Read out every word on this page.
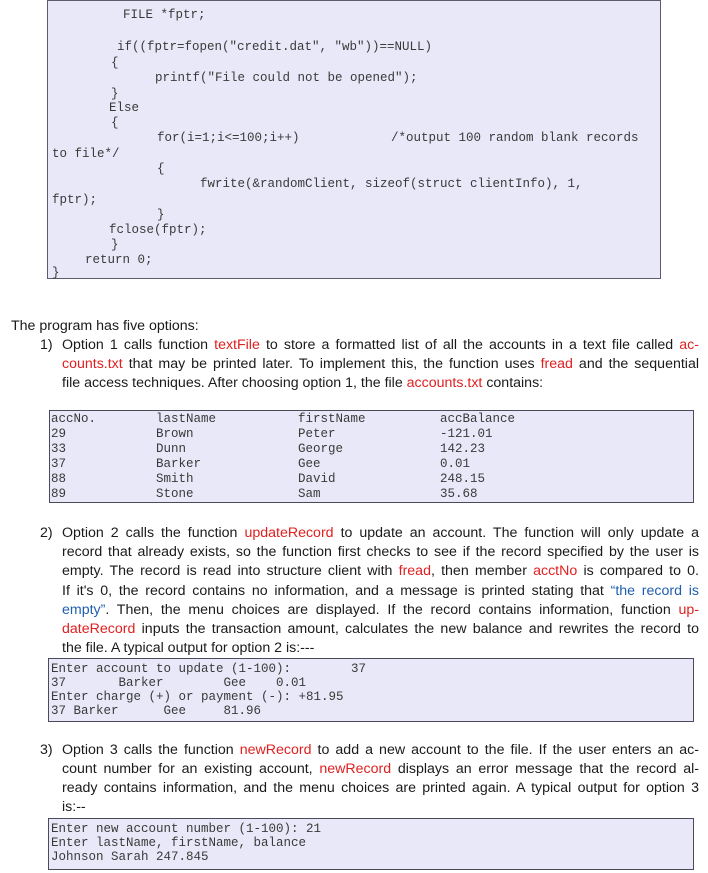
FILE *fptr;
if((fptr=fopen("credit.dat", "wb"))==NULL)
{
printf("File could not be opened");
}
Else
{
for(i=1;i<=100;i++)	/*output 100 random blank records
to file*/
{
fwrite(&randomClient, sizeof(struct clientInfo), 1,
fptr);
}
fclose(fptr);
}
return 0;
}
The program has five options:
1) Option 1 calls function textFile to store a formatted list of all the accounts in a text file called ac-
counts.txt that may be printed later. To implement this, the function uses fread and the sequential
file access techniques. After choosing option 1, the file accounts.txt contains:
accNo.	lastName	firstName	accBalance
29	Brown	Peter	-121.01
33	Dunn	George	142.23
37	Barker	Gee	0.01
88	Smith	David	248.15
89	Stone	Sam	35.68
2) Option 2 calls the function updateRecord to update an account. The function will only update a
record that already exists, so the function first checks to see if the record specified by the user is
empty. The record is read into structure client with fread, then member acctNo is compared to 0.
If it's 0, the record contains no information, and a message is printed stating that “the record is
empty”. Then, the menu choices are displayed. If the record contains information, function up-
dateRecord inputs the transaction amount, calculates the new balance and rewrites the record to
the file. A typical output for option 2 is:---
Enter account to update (1-100):        37
37       Barker        Gee    0.01
Enter charge (+) or payment (-): +81.95
37 Barker      Gee     81.96
3) Option 3 calls the function newRecord to add a new account to the file. If the user enters an ac-
count number for an existing account, newRecord displays an error message that the record al-
ready contains information, and the menu choices are printed again. A typical output for option 3
is:--
Enter new account number (1-100): 21
Enter lastName, firstName, balance
Johnson Sarah 247.845
